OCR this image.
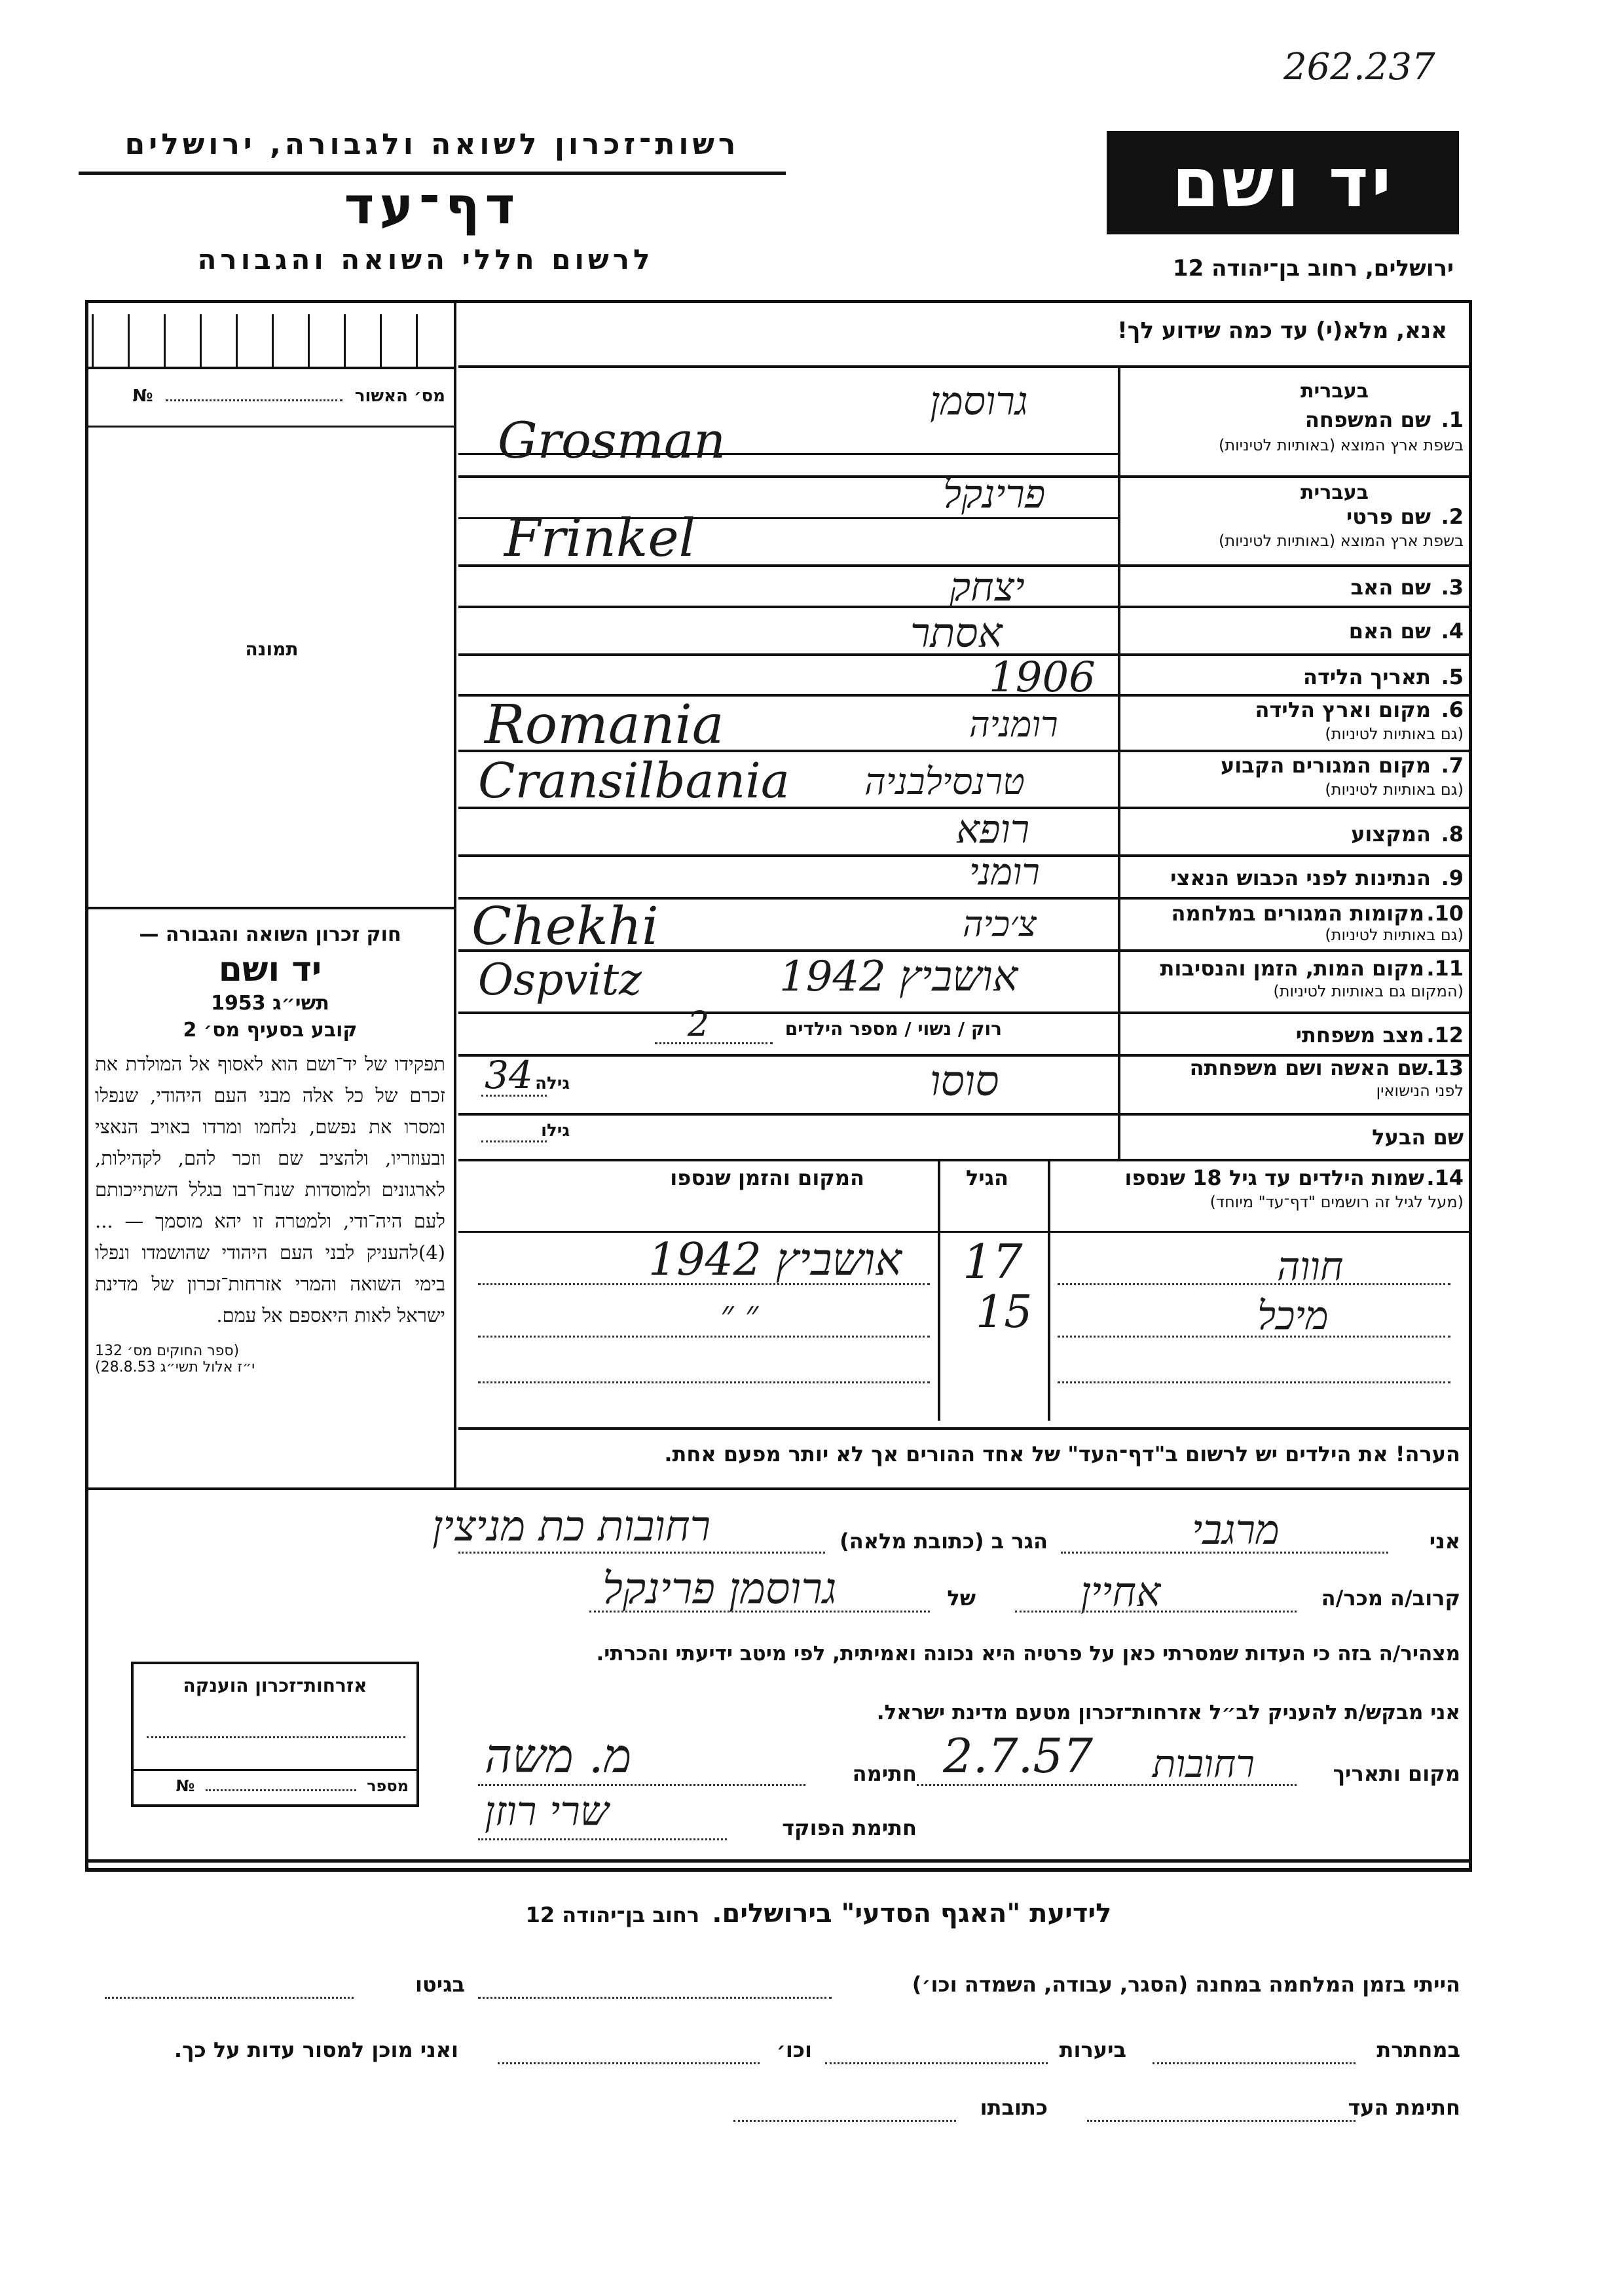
262.237
רשות־זכרון לשואה ולגבורה, ירושלים
דף־עד
לרשום חללי השואה והגבורה
יד ושם
ירושלים, רחוב בן־יהודה 12
אנא, מלא(י) עד כמה שידוע לך!
מס׳ האשור  №
תמונה
חוק זכרון השואה והגבורה —
יד ושם
תשי״ג 1953
קובע בסעיף מס׳ 2
תפקידו של יד־ושם הוא לאסוף אל המולדת את זכרם של כל אלה מבני העם היהודי, שנפלו ומסרו את נפשם, נלחמו ומרדו באויב הנאצי ובעוזריו, ולהציב שם וזכר להם, לקהילות, לארגונים ולמוסדות שנח־רבו בגלל השתייכותם לעם היה־ודי, ולמטרה זו יהא מוסמך — ...(4)להעניק לבני העם היהודי שהושמדו ונפלו בימי השואה והמרי אזרחות־זכרון של מדינת ישראל לאות היאספם אל עמם.
(ספר החוקים מס׳ 132
י״ז אלול תשי״ג 28.8.53)
בעברית
1.
שם המשפחה
בשפת ארץ המוצא (באותיות לטיניות)
גרוסמן
Grosman
בעברית
2.
שם פרטי
בשפת ארץ המוצא (באותיות לטיניות)
פרינקל
Frinkel
3.
שם האב
יצחק
4.
שם האם
אסתר
5.
תאריך הלידה
1906
6.
מקום וארץ הלידה
(גם באותיות לטיניות)
רומניה
Romania
7.
מקום המגורים הקבוע
(גם באותיות לטיניות)
טרנסילבניה
Cransilbania
8.
המקצוע
רופא
9.
הנתינות לפני הכבוש הנאצי
רומני
10.
מקומות המגורים במלחמה
(גם באותיות לטיניות)
צ׳כיה
Chekhi
11.
מקום המות, הזמן והנסיבות
(המקום גם באותיות לטיניות)
אושביץ 1942
Ospvitz
12.
מצב משפחתי
רוק / נשוי / מספר הילדים
2
13.
שם האשה ושם משפחתה
לפני הנישואין
סוסו
גילה
34
שם הבעל
גילו
14.
שמות הילדים עד גיל 18 שנספו
(מעל לגיל זה רושמים "דף־עד" מיוחד)
הגיל
המקום והזמן שנספו
חווה
17
אושביץ 1942
מיכל
15
״ ״
הערה! את הילדים יש לרשום ב"דף־העד" של אחד ההורים אך לא יותר מפעם אחת.
אני
מרגבי
הגר ב (כתובת מלאה)
רחובות כת מניצין
קרוב/ה מכר/ה
אחיין
של
גרוסמן פרינקל
מצהיר/ה בזה כי העדות שמסרתי כאן על פרטיה היא נכונה ואמיתית, לפי מיטב ידיעתי והכרתי.
אני מבקש/ת להעניק לב״ל אזרחות־זכרון מטעם מדינת ישראל.
מקום ותאריך
רחובות
2.7.57
חתימה
מ. משה
חתימת הפוקד
שרי רוזן
אזרחות־זכרון הוענקה
מספר  №
לידיעת "האגף הסדעי" בירושלים. רחוב בן־יהודה 12
הייתי בזמן המלחמה במחנה (הסגר, עבודה, השמדה וכו׳)
בגיטו
במחתרת
ביערות
וכו׳
ואני מוכן למסור עדות על כך.
חתימת העד
כתובתו
